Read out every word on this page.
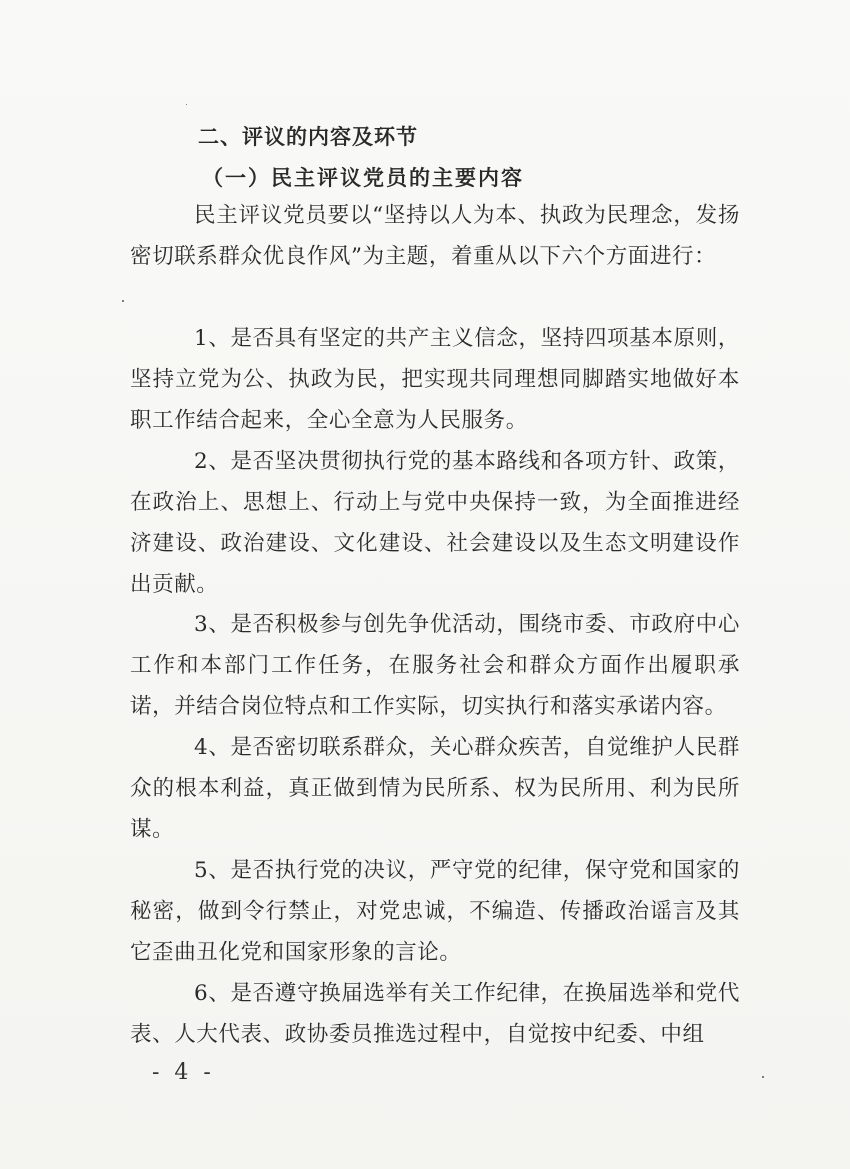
二、评议的内容及环节
（一）民主评议党员的主要内容
民主评议党员要以“坚持以人为本、执政为民理念，发扬密切联系群众优良作风”为主题，着重从以下六个方面进行：
1、是否具有坚定的共产主义信念，坚持四项基本原则，坚持立党为公、执政为民，把实现共同理想同脚踏实地做好本职工作结合起来，全心全意为人民服务。
2、是否坚决贯彻执行党的基本路线和各项方针、政策，在政治上、思想上、行动上与党中央保持一致，为全面推进经济建设、政治建设、文化建设、社会建设以及生态文明建设作出贡献。
3、是否积极参与创先争优活动，围绕市委、市政府中心工作和本部门工作任务，在服务社会和群众方面作出履职承诺，并结合岗位特点和工作实际，切实执行和落实承诺内容。
4、是否密切联系群众，关心群众疾苦，自觉维护人民群众的根本利益，真正做到情为民所系、权为民所用、利为民所谋。
5、是否执行党的决议，严守党的纪律，保守党和国家的秘密，做到令行禁止，对党忠诚，不编造、传播政治谣言及其它歪曲丑化党和国家形象的言论。
6、是否遵守换届选举有关工作纪律，在换届选举和党代表、人大代表、政协委员推选过程中，自觉按中纪委、中组
- 4 -
